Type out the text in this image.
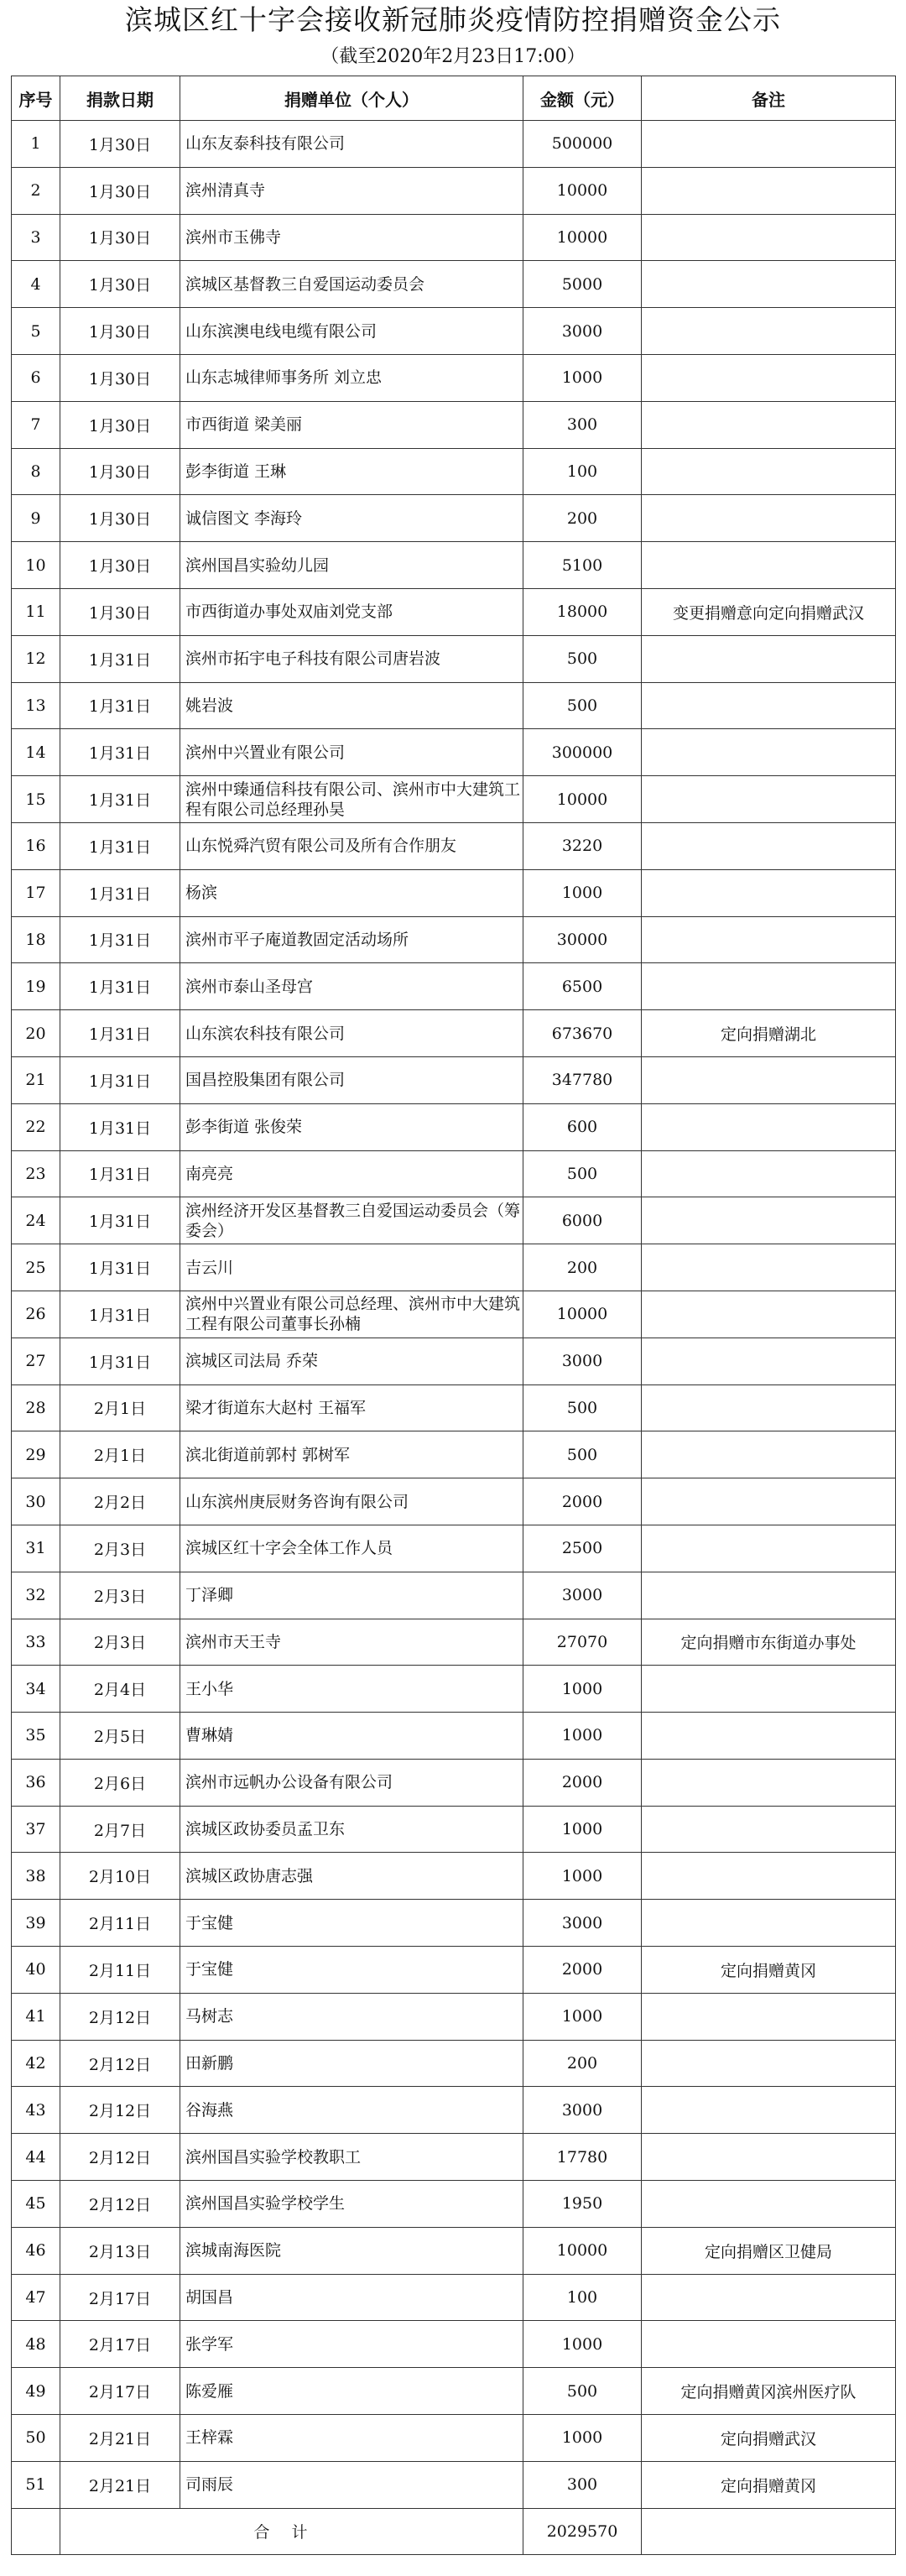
滨城区红十字会接收新冠肺炎疫情防控捐赠资金公示
（截至2020年2月23日17:00）
序号	捐款日期	捐赠单位（个人）	金额（元）	备注
1	1月30日	山东友泰科技有限公司	500000	
2	1月30日	滨州清真寺	10000	
3	1月30日	滨州市玉佛寺	10000	
4	1月30日	滨城区基督教三自爱国运动委员会	5000	
5	1月30日	山东滨澳电线电缆有限公司	3000	
6	1月30日	山东志城律师事务所 刘立忠	1000	
7	1月30日	市西街道 梁美丽	300	
8	1月30日	彭李街道 王琳	100	
9	1月30日	诚信图文 李海玲	200	
10	1月30日	滨州国昌实验幼儿园	5100	
11	1月30日	市西街道办事处双庙刘党支部	18000	变更捐赠意向定向捐赠武汉
12	1月31日	滨州市拓宇电子科技有限公司唐岩波	500	
13	1月31日	姚岩波	500	
14	1月31日	滨州中兴置业有限公司	300000	
15	1月31日	滨州中臻通信科技有限公司、滨州市中大建筑工程有限公司总经理孙昊	10000	
16	1月31日	山东悦舜汽贸有限公司及所有合作朋友	3220	
17	1月31日	杨滨	1000	
18	1月31日	滨州市平子庵道教固定活动场所	30000	
19	1月31日	滨州市泰山圣母宫	6500	
20	1月31日	山东滨农科技有限公司	673670	定向捐赠湖北
21	1月31日	国昌控股集团有限公司	347780	
22	1月31日	彭李街道 张俊荣	600	
23	1月31日	南亮亮	500	
24	1月31日	滨州经济开发区基督教三自爱国运动委员会（筹委会）	6000	
25	1月31日	吉云川	200	
26	1月31日	滨州中兴置业有限公司总经理、滨州市中大建筑工程有限公司董事长孙楠	10000	
27	1月31日	滨城区司法局 乔荣	3000	
28	2月1日	梁才街道东大赵村 王福军	500	
29	2月1日	滨北街道前郭村 郭树军	500	
30	2月2日	山东滨州庚辰财务咨询有限公司	2000	
31	2月3日	滨城区红十字会全体工作人员	2500	
32	2月3日	丁泽卿	3000	
33	2月3日	滨州市天王寺	27070	定向捐赠市东街道办事处
34	2月4日	王小华	1000	
35	2月5日	曹琳婧	1000	
36	2月6日	滨州市远帆办公设备有限公司	2000	
37	2月7日	滨城区政协委员孟卫东	1000	
38	2月10日	滨城区政协唐志强	1000	
39	2月11日	于宝健	3000	
40	2月11日	于宝健	2000	定向捐赠黄冈
41	2月12日	马树志	1000	
42	2月12日	田新鹏	200	
43	2月12日	谷海燕	3000	
44	2月12日	滨州国昌实验学校教职工	17780	
45	2月12日	滨州国昌实验学校学生	1950	
46	2月13日	滨城南海医院	10000	定向捐赠区卫健局
47	2月17日	胡国昌	100	
48	2月17日	张学军	1000	
49	2月17日	陈爱雁	500	定向捐赠黄冈滨州医疗队
50	2月21日	王梓霖	1000	定向捐赠武汉
51	2月21日	司雨辰	300	定向捐赠黄冈
	合计		2029570	
